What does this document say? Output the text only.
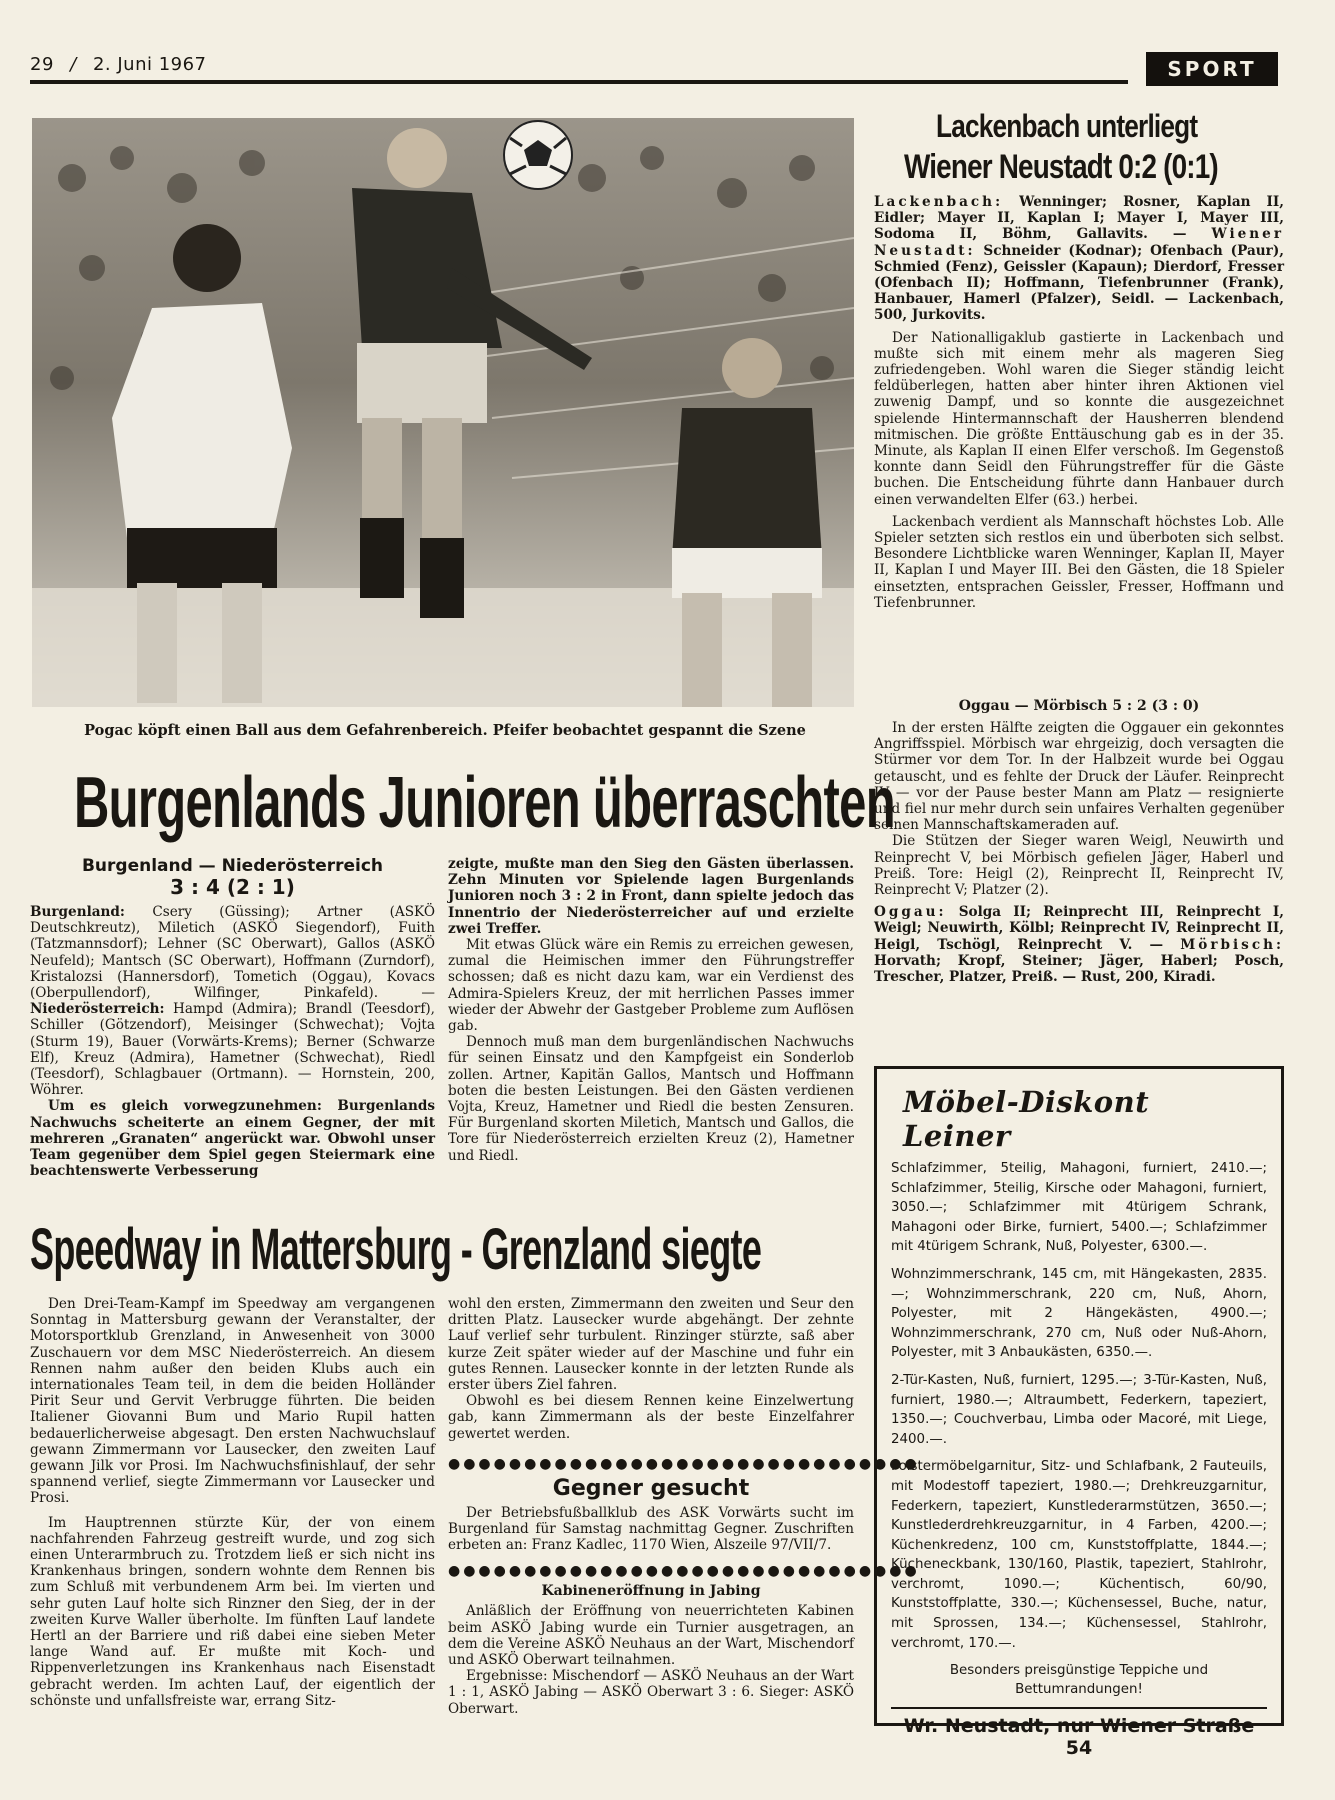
29 / 2. Juni 1967	SPORT
Pogac köpft einen Ball aus dem Gefahrenbereich. Pfeifer beobachtet gespannt die Szene
Lackenbach unterliegt
Wiener Neustadt 0:2 (0:1)
Lackenbach: Wenninger; Rosner, Kaplan II, Eidler; Mayer II, Kaplan I; Mayer I, Mayer III, Sodoma II, Böhm, Gallavits. — Wiener Neustadt: Schneider (Kodnar); Ofenbach (Paur), Schmied (Fenz), Geissler (Kapaun); Dierdorf, Fresser (Ofenbach II); Hoffmann, Tiefenbrunner (Frank), Hanbauer, Hamerl (Pfalzer), Seidl. — Lackenbach, 500, Jurkovits.

Der Nationalligaklub gastierte in Lackenbach und mußte sich mit einem mehr als mageren Sieg zufriedengeben. Wohl waren die Sieger ständig leicht feldüberlegen, hatten aber hinter ihren Aktionen viel zuwenig Dampf, und so konnte die ausgezeichnet spielende Hintermannschaft der Hausherren blendend mitmischen. Die größte Enttäuschung gab es in der 35. Minute, als Kaplan II einen Elfer verschoß. Im Gegenstoß konnte dann Seidl den Führungstreffer für die Gäste buchen. Die Entscheidung führte dann Hanbauer durch einen verwandelten Elfer (63.) herbei.

Lackenbach verdient als Mannschaft höchstes Lob. Alle Spieler setzten sich restlos ein und überboten sich selbst. Besondere Lichtblicke waren Wenninger, Kaplan II, Mayer II, Kaplan I und Mayer III. Bei den Gästen, die 18 Spieler einsetzten, entsprachen Geissler, Fresser, Hoffmann und Tiefenbrunner.

Oggau — Mörbisch 5 : 2 (3 : 0)

In der ersten Hälfte zeigten die Oggauer ein gekonntes Angriffsspiel. Mörbisch war ehrgeizig, doch versagten die Stürmer vor dem Tor. In der Halbzeit wurde bei Oggau getauscht, und es fehlte der Druck der Läufer. Reinprecht IV — vor der Pause bester Mann am Platz — resignierte und fiel nur mehr durch sein unfaires Verhalten gegenüber seinen Mannschaftskameraden auf.

Die Stützen der Sieger waren Weigl, Neuwirth und Reinprecht V, bei Mörbisch gefielen Jäger, Haberl und Preiß. Tore: Heigl (2), Reinprecht II, Reinprecht IV, Reinprecht V; Platzer (2).

Oggau: Solga II; Reinprecht III, Reinprecht I, Weigl; Neuwirth, Kölbl; Reinprecht IV, Reinprecht II, Heigl, Tschögl, Reinprecht V. — Mörbisch: Horvath; Kropf, Steiner; Jäger, Haberl; Posch, Trescher, Platzer, Preiß. — Rust, 200, Kiradi.
Burgenlands Junioren überraschten
Burgenland — Niederösterreich
3 : 4 (2 : 1)
Burgenland: Csery (Güssing); Artner (ASKÖ Deutschkreutz), Miletich (ASKÖ Siegendorf), Fuith (Tatzmannsdorf); Lehner (SC Oberwart), Gallos (ASKÖ Neufeld); Mantsch (SC Oberwart), Hoffmann (Zurndorf), Kristalozsi (Hannersdorf), Tometich (Oggau), Kovacs (Oberpullendorf), Wilfinger, Pinkafeld). — Niederösterreich: Hampd (Admira); Brandl (Teesdorf), Schiller (Götzendorf), Meisinger (Schwechat); Vojta (Sturm 19), Bauer (Vorwärts-Krems); Berner (Schwarze Elf), Kreuz (Admira), Hametner (Schwechat), Riedl (Teesdorf), Schlagbauer (Ortmann). — Hornstein, 200, Wöhrer.

Um es gleich vorwegzunehmen: Burgenlands Nachwuchs scheiterte an einem Gegner, der mit mehreren „Granaten“ angerückt war. Obwohl unser Team gegenüber dem Spiel gegen Steiermark eine beachtenswerte Verbesserung

zeigte, mußte man den Sieg den Gästen überlassen. Zehn Minuten vor Spielende lagen Burgenlands Junioren noch 3 : 2 in Front, dann spielte jedoch das Innentrio der Niederösterreicher auf und erzielte zwei Treffer.

Mit etwas Glück wäre ein Remis zu erreichen gewesen, zumal die Heimischen immer den Führungstreffer schossen; daß es nicht dazu kam, war ein Verdienst des Admira-Spielers Kreuz, der mit herrlichen Passes immer wieder der Abwehr der Gastgeber Probleme zum Auflösen gab.

Dennoch muß man dem burgenländischen Nachwuchs für seinen Einsatz und den Kampfgeist ein Sonderlob zollen. Artner, Kapitän Gallos, Mantsch und Hoffmann boten die besten Leistungen. Bei den Gästen verdienen Vojta, Kreuz, Hametner und Riedl die besten Zensuren. Für Burgenland skorten Miletich, Mantsch und Gallos, die Tore für Niederösterreich erzielten Kreuz (2), Hametner und Riedl.

Speedway in Mattersburg - Grenzland siegte

Den Drei-Team-Kampf im Speedway am vergangenen Sonntag in Mattersburg gewann der Veranstalter, der Motorsportklub Grenzland, in Anwesenheit von 3000 Zuschauern vor dem MSC Niederösterreich. An diesem Rennen nahm außer den beiden Klubs auch ein internationales Team teil, in dem die beiden Holländer Pirit Seur und Gervit Verbrugge führten. Die beiden Italiener Giovanni Bum und Mario Rupil hatten bedauerlicherweise abgesagt. Den ersten Nachwuchslauf gewann Zimmermann vor Lausecker, den zweiten Lauf gewann Jilk vor Prosi. Im Nachwuchsfinishlauf, der sehr spannend verlief, siegte Zimmermann vor Lausecker und Prosi.

Im Hauptrennen stürzte Kür, der von einem nachfahrenden Fahrzeug gestreift wurde, und zog sich einen Unterarmbruch zu. Trotzdem ließ er sich nicht ins Krankenhaus bringen, sondern wohnte dem Rennen bis zum Schluß mit verbundenem Arm bei. Im vierten und sehr guten Lauf holte sich Rinzner den Sieg, der in der zweiten Kurve Waller überholte. Im fünften Lauf landete Hertl an der Barriere und riß dabei eine sieben Meter lange Wand auf. Er mußte mit Koch- und Rippenverletzungen ins Krankenhaus nach Eisenstadt gebracht werden. Im achten Lauf, der eigentlich der schönste und unfallsfreiste war, errang Sitz-

wohl den ersten, Zimmermann den zweiten und Seur den dritten Platz. Lausecker wurde abgehängt. Der zehnte Lauf verlief sehr turbulent. Rinzinger stürzte, saß aber kurze Zeit später wieder auf der Maschine und fuhr ein gutes Rennen. Lausecker konnte in der letzten Runde als erster übers Ziel fahren.

Obwohl es bei diesem Rennen keine Einzelwertung gab, kann Zimmermann als der beste Einzelfahrer gewertet werden.

●●●●●●●●●●●●●●●●●●●●●●●●●●●●●●●
Gegner gesucht

Der Betriebsfußballklub des ASK Vorwärts sucht im Burgenland für Samstag nachmittag Gegner. Zuschriften erbeten an: Franz Kadlec, 1170 Wien, Alszeile 97/VII/7.

●●●●●●●●●●●●●●●●●●●●●●●●●●●●●●●
Kabineneröffnung in Jabing

Anläßlich der Eröffnung von neuerrichteten Kabinen beim ASKÖ Jabing wurde ein Turnier ausgetragen, an dem die Vereine ASKÖ Neuhaus an der Wart, Mischendorf und ASKÖ Oberwart teilnahmen.

Ergebnisse: Mischendorf — ASKÖ Neuhaus an der Wart 1 : 1, ASKÖ Jabing — ASKÖ Oberwart 3 : 6. Sieger: ASKÖ Oberwart.

Möbel-Diskont Leiner

Schlafzimmer, 5teilig, Mahagoni, furniert, 2410.—; Schlafzimmer, 5teilig, Kirsche oder Mahagoni, furniert, 3050.—; Schlafzimmer mit 4türigem Schrank, Mahagoni oder Birke, furniert, 5400.—; Schlafzimmer mit 4türigem Schrank, Nuß, Polyester, 6300.—.

Wohnzimmerschrank, 145 cm, mit Hängekasten, 2835.—; Wohnzimmerschrank, 220 cm, Nuß, Ahorn, Polyester, mit 2 Hängekästen, 4900.—; Wohnzimmerschrank, 270 cm, Nuß oder Nuß-Ahorn, Polyester, mit 3 Anbaukästen, 6350.—.

2-Tür-Kasten, Nuß, furniert, 1295.—; 3-Tür-Kasten, Nuß, furniert, 1980.—; Altraumbett, Federkern, tapeziert, 1350.—; Couchverbau, Limba oder Macoré, mit Liege, 2400.—.

Polstermöbelgarnitur, Sitz- und Schlafbank, 2 Fauteuils, mit Modestoff tapeziert, 1980.—; Drehkreuzgarnitur, Federkern, tapeziert, Kunstlederarmstützen, 3650.—; Kunstlederdrehkreuzgarnitur, in 4 Farben, 4200.—; Küchenkredenz, 100 cm, Kunststoffplatte, 1844.—; Kücheneckbank, 130/160, Plastik, tapeziert, Stahlrohr, verchromt, 1090.—; Küchentisch, 60/90, Kunststoffplatte, 330.—; Küchensessel, Buche, natur, mit Sprossen, 134.—; Küchensessel, Stahlrohr, verchromt, 170.—.

Besonders preisgünstige Teppiche und Bettumrandungen!
Wr. Neustadt, nur Wiener Straße 54
